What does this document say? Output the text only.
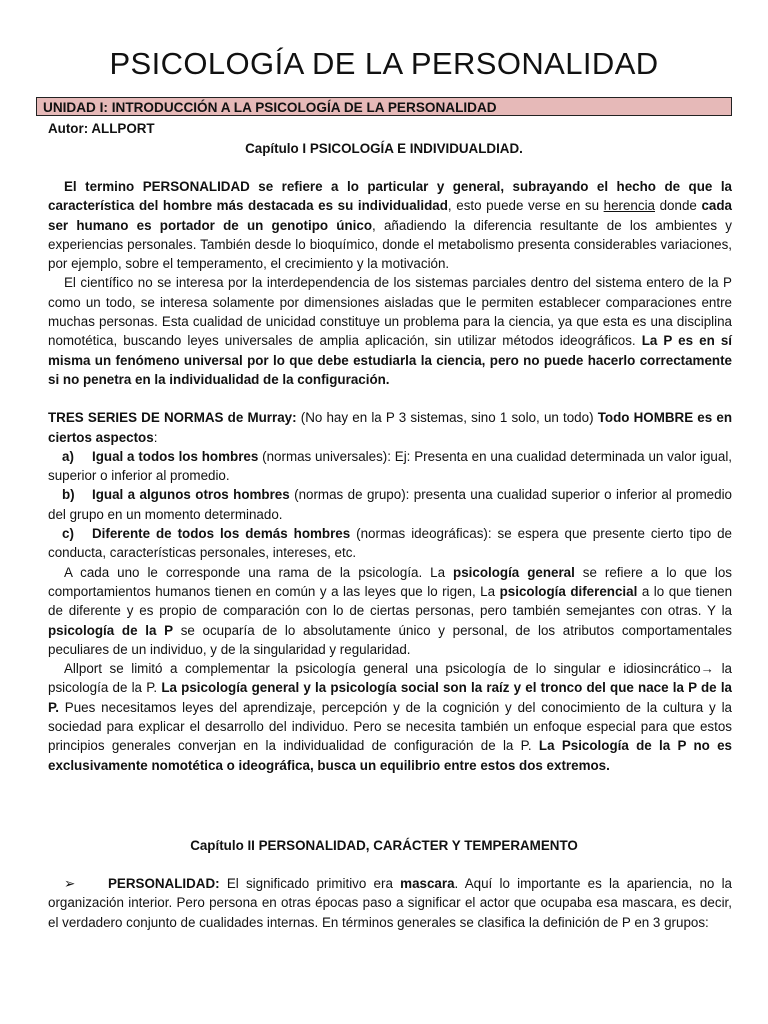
PSICOLOGÍA DE LA PERSONALIDAD
UNIDAD I: INTRODUCCIÓN A LA PSICOLOGÍA DE LA PERSONALIDAD
Autor: ALLPORT
Capítulo I PSICOLOGÍA E INDIVIDUALDIAD.

El termino PERSONALIDAD se refiere a lo particular y general, subrayando el hecho de que la característica del hombre más destacada es su individualidad, esto puede verse en su herencia donde cada ser humano es portador de un genotipo único, añadiendo la diferencia resultante de los ambientes y experiencias personales. También desde lo bioquímico, donde el metabolismo presenta considerables variaciones, por ejemplo, sobre el temperamento, el crecimiento y la motivación.

El científico no se interesa por la interdependencia de los sistemas parciales dentro del sistema entero de la P como un todo, se interesa solamente por dimensiones aisladas que le permiten establecer comparaciones entre muchas personas. Esta cualidad de unicidad constituye un problema para la ciencia, ya que esta es una disciplina nomotética, buscando leyes universales de amplia aplicación, sin utilizar métodos ideográficos. La P es en sí misma un fenómeno universal por lo que debe estudiarla la ciencia, pero no puede hacerlo correctamente si no penetra en la individualidad de la configuración.

TRES SERIES DE NORMAS de Murray: (No hay en la P 3 sistemas, sino 1 solo, un todo) Todo HOMBRE es en ciertos aspectos:

a) Igual a todos los hombres (normas universales): Ej: Presenta en una cualidad determinada un valor igual, superior o inferior al promedio.

b) Igual a algunos otros hombres (normas de grupo): presenta una cualidad superior o inferior al promedio del grupo en un momento determinado.

c) Diferente de todos los demás hombres (normas ideográficas): se espera que presente cierto tipo de conducta, características personales, intereses, etc.

A cada uno le corresponde una rama de la psicología. La psicología general se refiere a lo que los comportamientos humanos tienen en común y a las leyes que lo rigen, La psicología diferencial a lo que tienen de diferente y es propio de comparación con lo de ciertas personas, pero también semejantes con otras. Y la psicología de la P se ocuparía de lo absolutamente único y personal, de los atributos comportamentales peculiares de un individuo, y de la singularidad y regularidad.

Allport se limitó a complementar la psicología general una psicología de lo singular e idiosincrático→ la psicología de la P. La psicología general y la psicología social son la raíz y el tronco del que nace la P de la P. Pues necesitamos leyes del aprendizaje, percepción y de la cognición y del conocimiento de la cultura y la sociedad para explicar el desarrollo del individuo. Pero se necesita también un enfoque especial para que estos principios generales converjan en la individualidad de configuración de la P. La Psicología de la P no es exclusivamente nomotética o ideográfica, busca un equilibrio entre estos dos extremos.

Capítulo II PERSONALIDAD, CARÁCTER Y TEMPERAMENTO

➢ PERSONALIDAD: El significado primitivo era mascara. Aquí lo importante es la apariencia, no la organización interior. Pero persona en otras épocas paso a significar el actor que ocupaba esa mascara, es decir, el verdadero conjunto de cualidades internas. En términos generales se clasifica la definición de P en 3 grupos:
